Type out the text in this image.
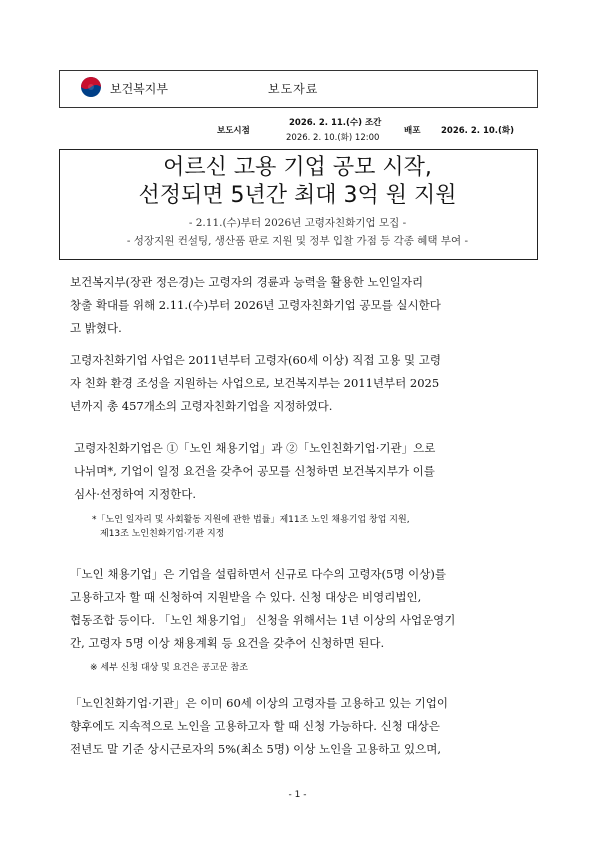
보건복지부	보도자료
보도시점
2026. 2. 11.(수) 조간
2026. 2. 10.(화) 12:00
배포 2026. 2. 10.(화)
어르신 고용 기업 공모 시작,
선정되면 5년간 최대 3억 원 지원
- 2.11.(수)부터 2026년 고령자친화기업 모집 -
- 성장지원 컨설팅, 생산품 판로 지원 및 정부 입찰 가점 등 각종 혜택 부여 -
보건복지부(장관 정은경)는 고령자의 경륜과 능력을 활용한 노인일자리
창출 확대를 위해 2.11.(수)부터 2026년 고령자친화기업 공모를 실시한다
고 밝혔다.
고령자친화기업 사업은 2011년부터 고령자(60세 이상) 직접 고용 및 고령
자 친화 환경 조성을 지원하는 사업으로, 보건복지부는 2011년부터 2025
년까지 총 457개소의 고령자친화기업을 지정하였다.
고령자친화기업은 ①「노인 채용기업」과 ②「노인친화기업·기관」으로
나뉘며*, 기업이 일정 요건을 갖추어 공모를 신청하면 보건복지부가 이를
심사·선정하여 지정한다.
*「노인 일자리 및 사회활동 지원에 관한 법률」제11조 노인 채용기업 창업 지원,
제13조 노인친화기업·기관 지정
「노인 채용기업」은 기업을 설립하면서 신규로 다수의 고령자(5명 이상)를
고용하고자 할 때 신청하여 지원받을 수 있다. 신청 대상은 비영리법인,
협동조합 등이다. 「노인 채용기업」 신청을 위해서는 1년 이상의 사업운영기
간, 고령자 5명 이상 채용계획 등 요건을 갖추어 신청하면 된다.
※ 세부 신청 대상 및 요건은 공고문 참조
「노인친화기업·기관」은 이미 60세 이상의 고령자를 고용하고 있는 기업이
향후에도 지속적으로 노인을 고용하고자 할 때 신청 가능하다. 신청 대상은
전년도 말 기준 상시근로자의 5%(최소 5명) 이상 노인을 고용하고 있으며,
- 1 -
